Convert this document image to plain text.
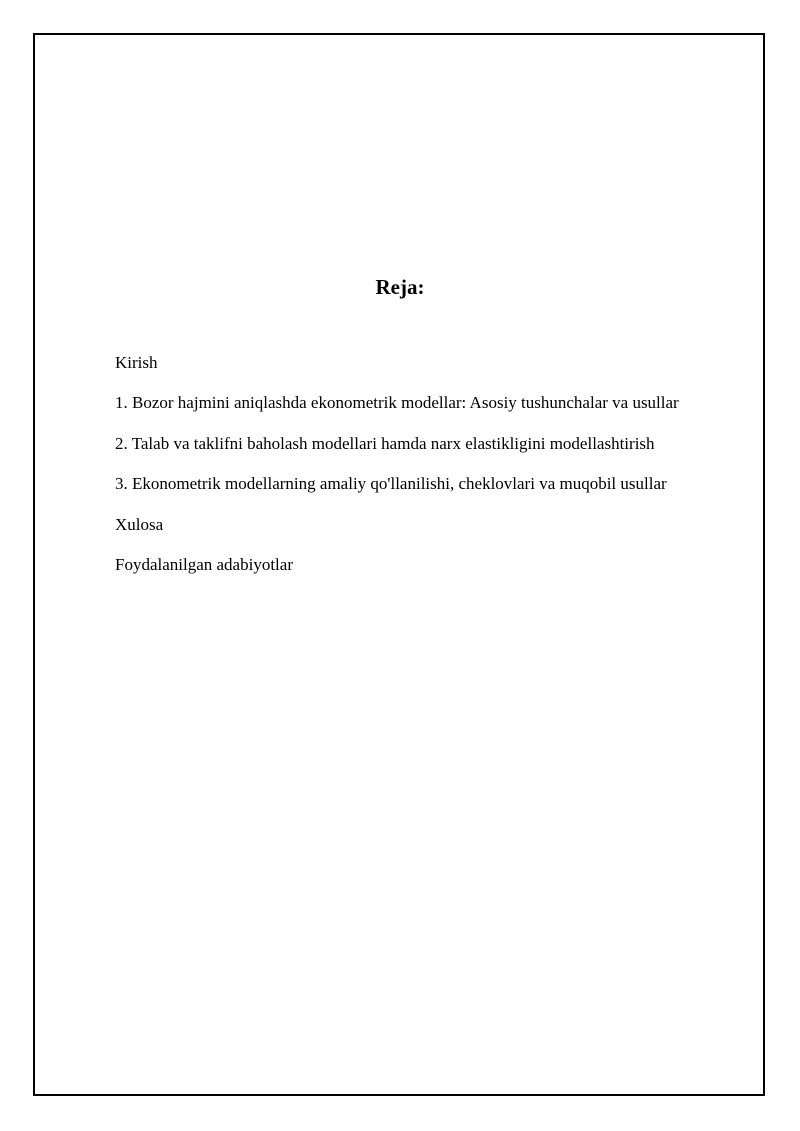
Reja:
Kirish
1. Bozor hajmini aniqlashda ekonometrik modellar: Asosiy tushunchalar va usullar
2. Talab va taklifni baholash modellari hamda narx elastikligini modellashtirish
3. Ekonometrik modellarning amaliy qo'llanilishi, cheklovlari va muqobil usullar
Xulosa
Foydalanilgan adabiyotlar
